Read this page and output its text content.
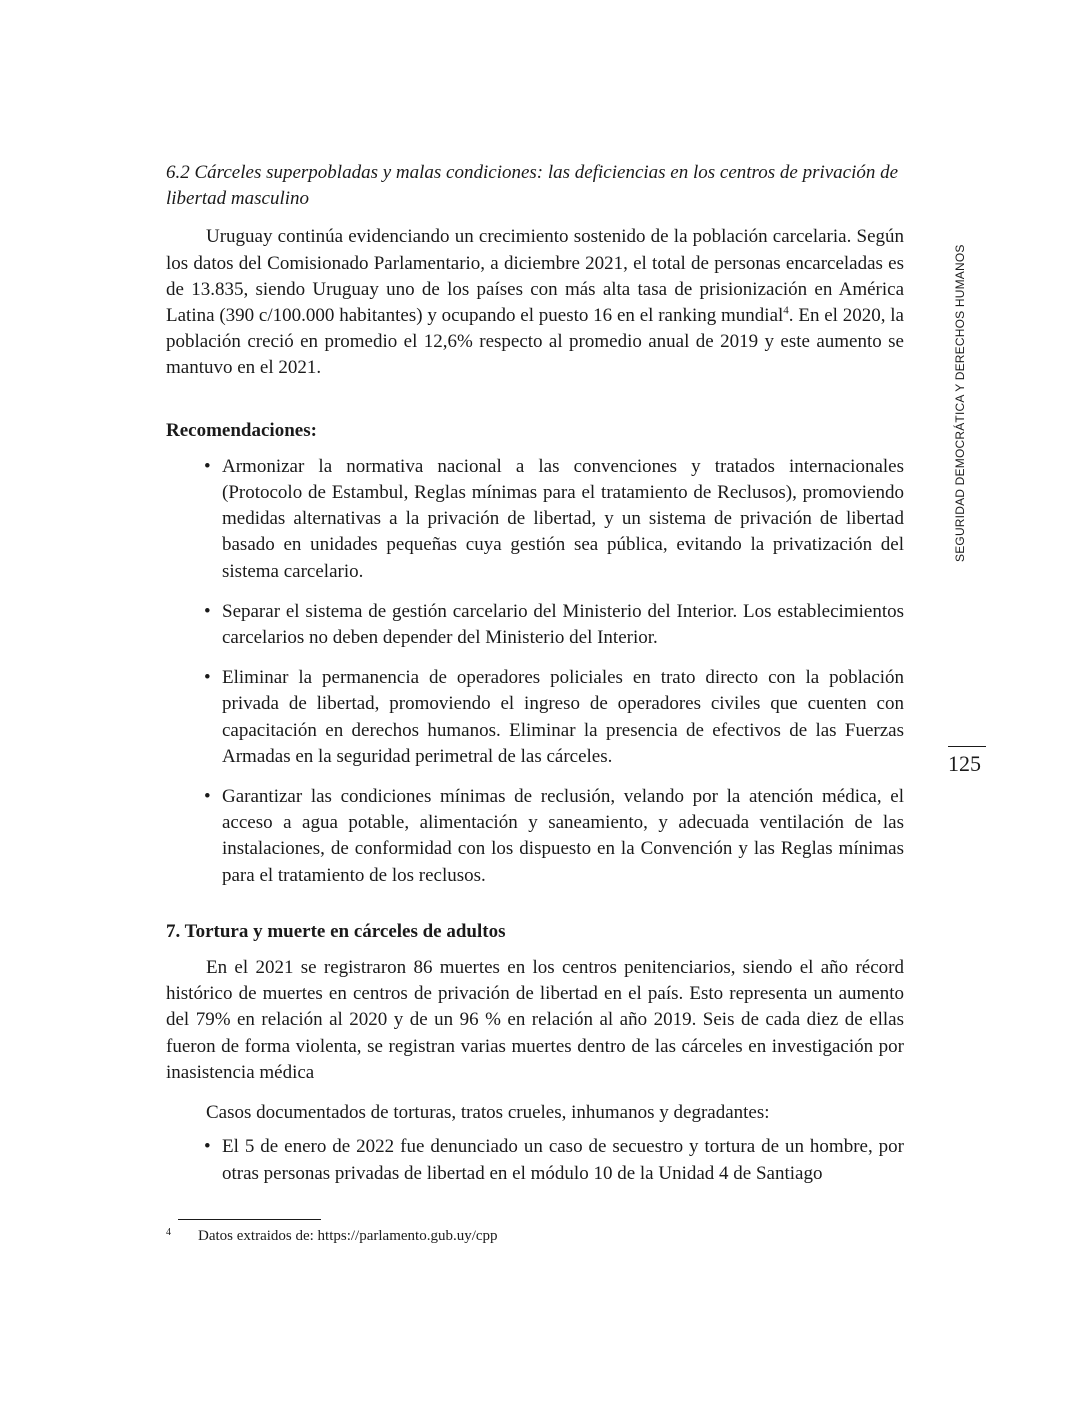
6.2 Cárceles superpobladas y malas condiciones: las deficiencias en los centros de privación de libertad masculino

Uruguay continúa evidenciando un crecimiento sostenido de la población carcelaria. Según los datos del Comisionado Parlamentario, a diciembre 2021, el total de personas encarceladas es de 13.835, siendo Uruguay uno de los países con más alta tasa de prisionización en América Latina (390 c/100.000 habitantes) y ocupando el puesto 16 en el ranking mundial$^4$. En el 2020, la población creció en promedio el 12,6% respecto al promedio anual de 2019 y este aumento se mantuvo en el 2021.

Recomendaciones:

• Armonizar la normativa nacional a las convenciones y tratados internacionales (Protocolo de Estambul, Reglas mínimas para el tratamiento de Reclusos), promoviendo medidas alternativas a la privación de libertad, y un sistema de privación de libertad basado en unidades pequeñas cuya gestión sea pública, evitando la privatización del sistema carcelario.
• Separar el sistema de gestión carcelario del Ministerio del Interior. Los establecimientos carcelarios no deben depender del Ministerio del Interior.
• Eliminar la permanencia de operadores policiales en trato directo con la población privada de libertad, promoviendo el ingreso de operadores civiles que cuenten con capacitación en derechos humanos. Eliminar la presencia de efectivos de las Fuerzas Armadas en la seguridad perimetral de las cárceles.
• Garantizar las condiciones mínimas de reclusión, velando por la atención médica, el acceso a agua potable, alimentación y saneamiento, y adecuada ventilación de las instalaciones, de conformidad con los dispuesto en la Convención y las Reglas mínimas para el tratamiento de los reclusos.

7. Tortura y muerte en cárceles de adultos

En el 2021 se registraron 86 muertes en los centros penitenciarios, siendo el año récord histórico de muertes en centros de privación de libertad en el país. Esto representa un aumento del 79% en relación al 2020 y de un 96 % en relación al año 2019. Seis de cada diez de ellas fueron de forma violenta, se registran varias muertes dentro de las cárceles en investigación por inasistencia médica

Casos documentados de torturas, tratos crueles, inhumanos y degradantes:

• El 5 de enero de 2022 fue denunciado un caso de secuestro y tortura de un hombre, por otras personas privadas de libertad en el módulo 10 de la Unidad 4 de Santiago
SEGURIDAD DEMOCRÁTICA Y DERECHOS HUMANOS
125
4 Datos extraidos de: https://parlamento.gub.uy/cpp
